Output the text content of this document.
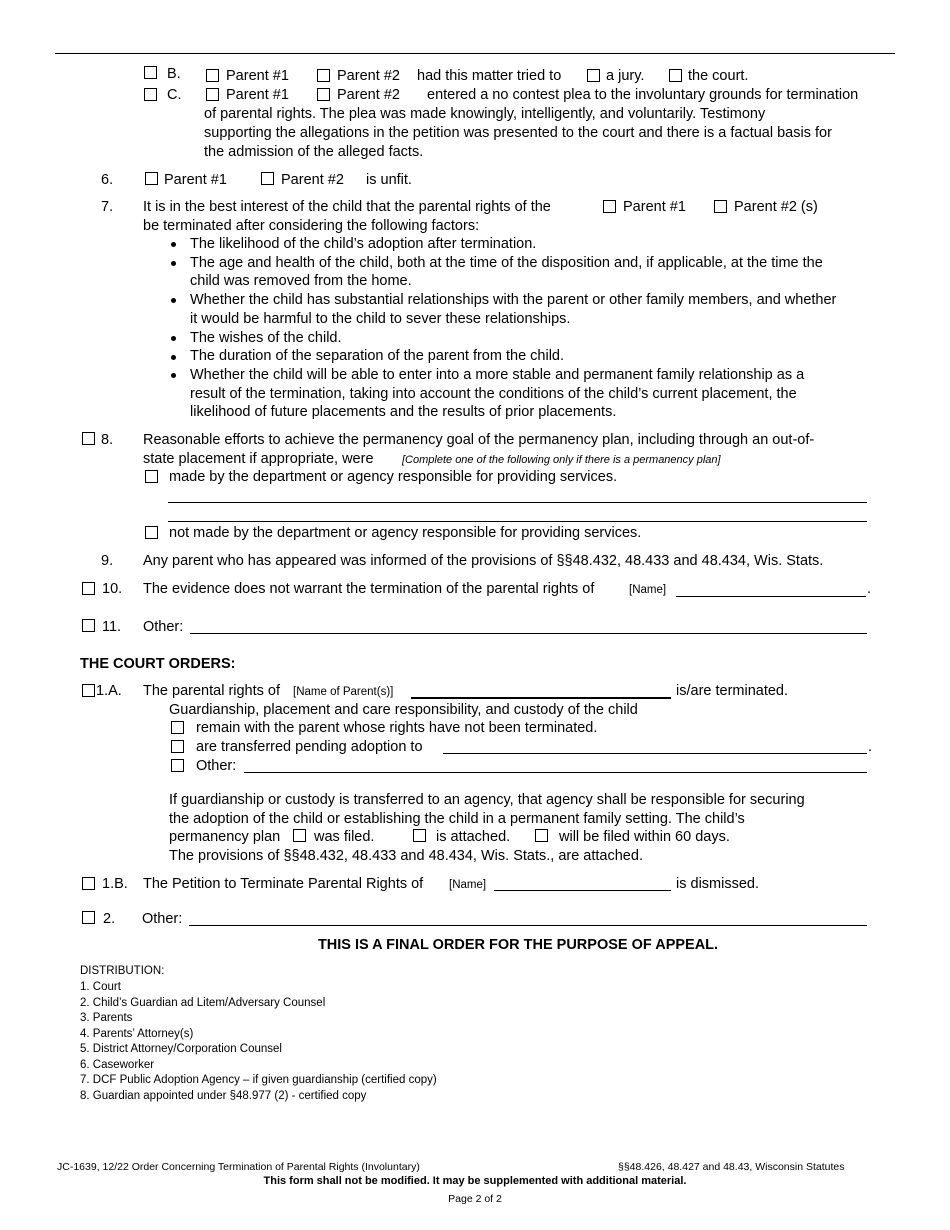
B.	Parent #1	Parent #2 had this matter tried to	a jury.	the court.
C.	Parent #1	Parent #2 entered a no contest plea to the involuntary grounds for termination
of parental rights. The plea was made knowingly, intelligently, and voluntarily. Testimony
supporting the allegations in the petition was presented to the court and there is a factual basis for
the admission of the alleged facts.
6.	Parent #1	Parent #2 is unfit.
7. It is in the best interest of the child that the parental rights of the	Parent #1	Parent #2 (s)
be terminated after considering the following factors:
The likelihood of the child’s adoption after termination.
The age and health of the child, both at the time of the disposition and, if applicable, at the time the
child was removed from the home.
Whether the child has substantial relationships with the parent or other family members, and whether
it would be harmful to the child to sever these relationships.
The wishes of the child.
The duration of the separation of the parent from the child.
Whether the child will be able to enter into a more stable and permanent family relationship as a
result of the termination, taking into account the conditions of the child’s current placement, the
likelihood of future placements and the results of prior placements.
8. Reasonable efforts to achieve the permanency goal of the permanency plan, including through an out-of-
state placement if appropriate, were	[Complete one of the following only if there is a permanency plan]
made by the department or agency responsible for providing services.
not made by the department or agency responsible for providing services.
9. Any parent who has appeared was informed of the provisions of §§48.432, 48.433 and 48.434, Wis. Stats.
10. The evidence does not warrant the termination of the parental rights of	[Name]	.
11. Other:
THE COURT ORDERS:
1.A. The parental rights of [Name of Parent(s)]	is/are terminated.
Guardianship, placement and care responsibility, and custody of the child
remain with the parent whose rights have not been terminated.
are transferred pending adoption to	.
Other:
If guardianship or custody is transferred to an agency, that agency shall be responsible for securing
the adoption of the child or establishing the child in a permanent family setting. The child’s
permanency plan was filed.	is attached.	will be filed within 60 days.
The provisions of §§48.432, 48.433 and 48.434, Wis. Stats., are attached.
1.B. The Petition to Terminate Parental Rights of [Name]	is dismissed.
2. Other:
THIS IS A FINAL ORDER FOR THE PURPOSE OF APPEAL.
DISTRIBUTION:
1. Court
2. Child’s Guardian ad Litem/Adversary Counsel
3. Parents
4. Parents’ Attorney(s)
5. District Attorney/Corporation Counsel
6. Caseworker
7. DCF Public Adoption Agency – if given guardianship (certified copy)
8. Guardian appointed under §48.977 (2) - certified copy
JC-1639, 12/22 Order Concerning Termination of Parental Rights (Involuntary)	§§48.426, 48.427 and 48.43, Wisconsin Statutes
This form shall not be modified. It may be supplemented with additional material.
Page 2 of 2
